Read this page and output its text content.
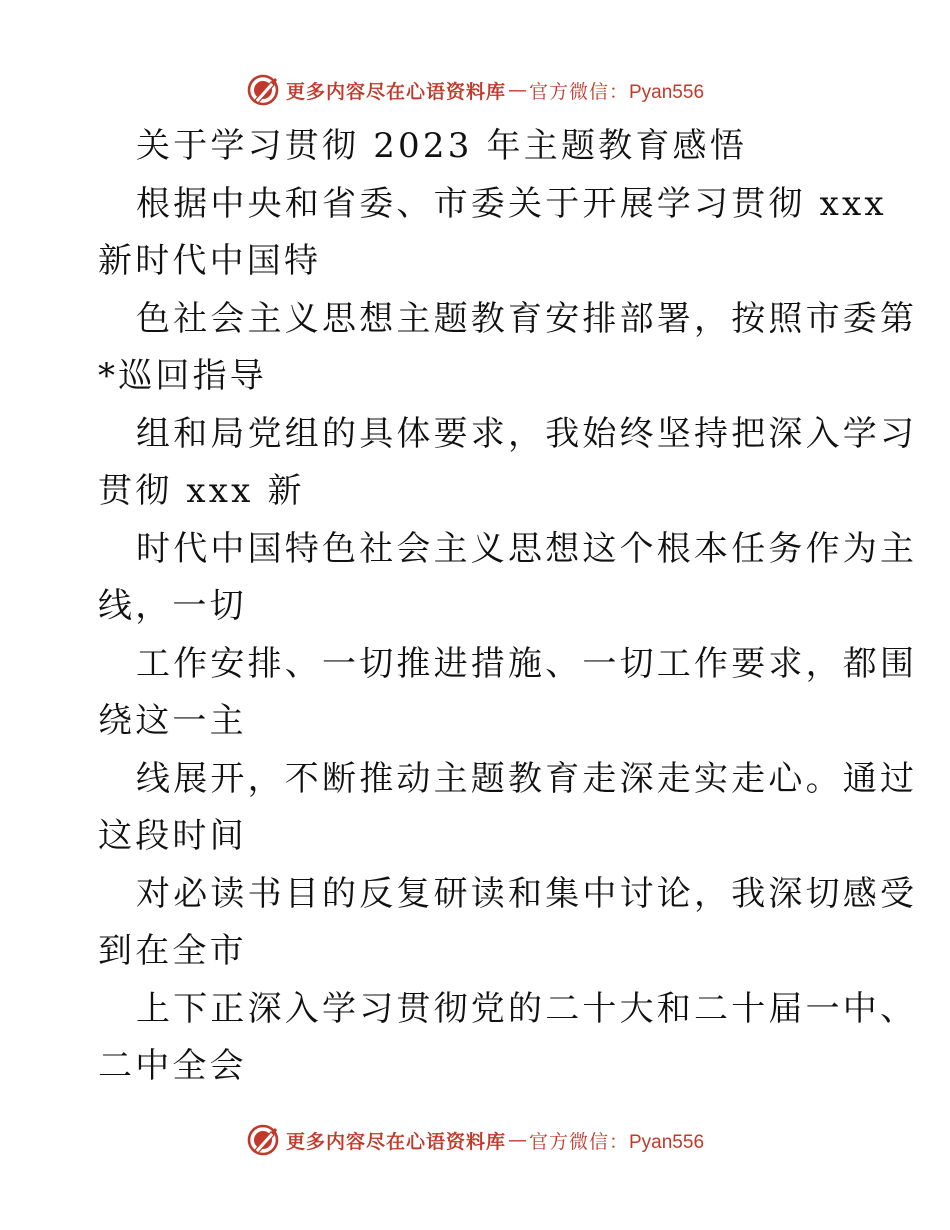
更多内容尽在心语资料库 — 官方微信：Pyan556
关于学习贯彻 2023 年主题教育感悟
根据中央和省委、市委关于开展学习贯彻 xxx
新时代中国特
色社会主义思想主题教育安排部署，按照市委第
*巡回指导
组和局党组的具体要求，我始终坚持把深入学习
贯彻 xxx 新
时代中国特色社会主义思想这个根本任务作为主
线，一切
工作安排、一切推进措施、一切工作要求，都围
绕这一主
线展开，不断推动主题教育走深走实走心。通过
这段时间
对必读书目的反复研读和集中讨论，我深切感受
到在全市
上下正深入学习贯彻党的二十大和二十届一中、
二中全会
更多内容尽在心语资料库 — 官方微信：Pyan556
